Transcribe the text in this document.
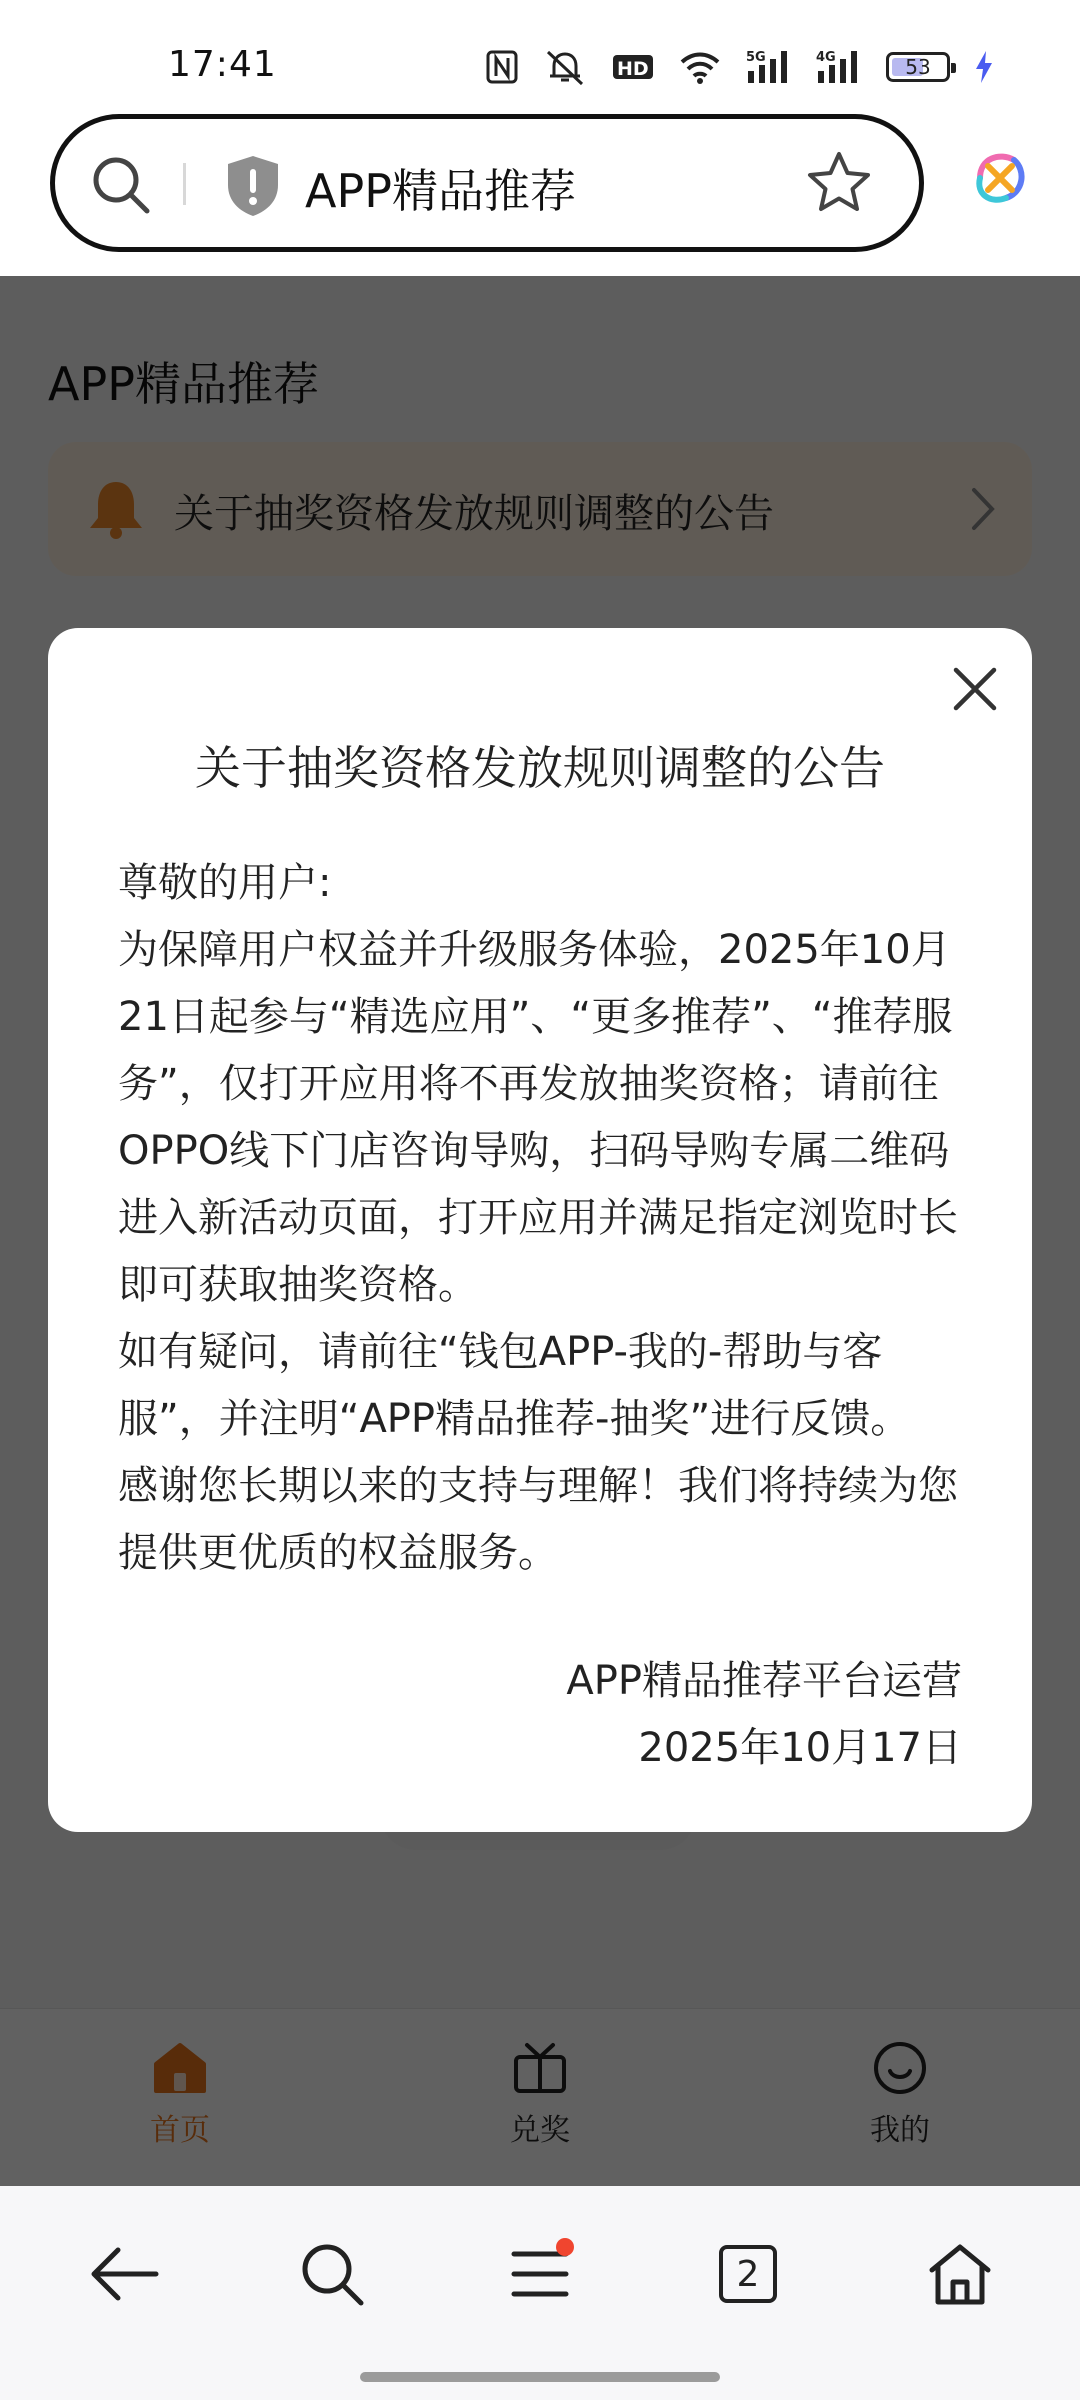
17:41	HD
5G	4G	53
APP精品推荐
关于抽奖资格发放规则调整的公告

尊敬的用户:

为保障用户权益并升级服务体验，2025年10月21日起参与“精选应用”、“更多推荐”、“推荐服务”，仅打开应用将不再发放抽奖资格；请前往OPPO线下门店咨询导购，扫码导购专属二维码进入新活动页面，打开应用并满足指定浏览时长即可获取抽奖资格。

如有疑问，请前往“钱包APP-我的-帮助与客服”，并注明“APP精品推荐-抽奖”进行反馈。

感谢您长期以来的支持与理解！我们将持续为您提供更优质的权益服务。

APP精品推荐平台运营
2025年10月17日
2
